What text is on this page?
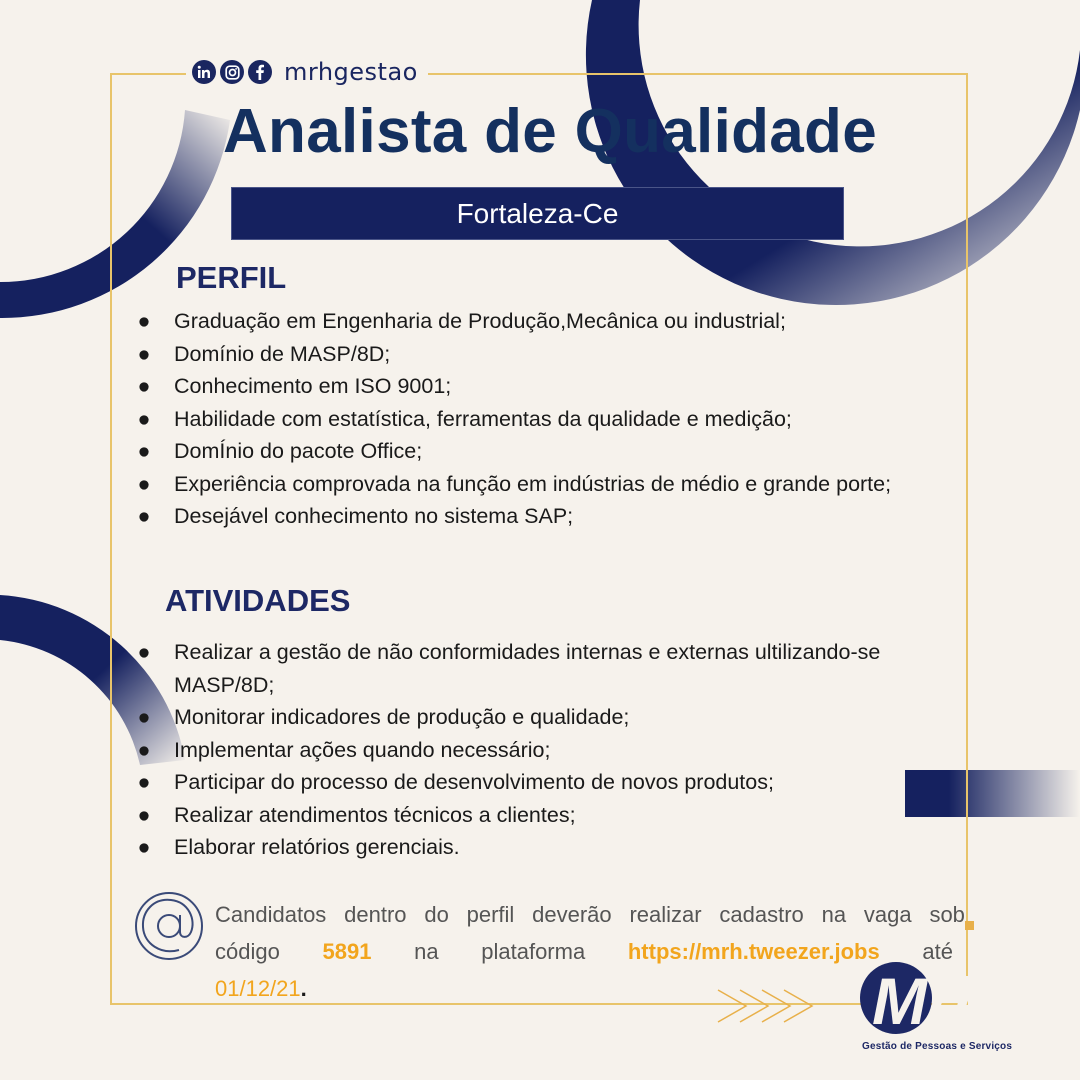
mrhgestao
Analista de Qualidade
Fortaleza-Ce
PERFIL
● Graduação em Engenharia de Produção,Mecânica ou industrial;
● Domínio de MASP/8D;
● Conhecimento em ISO 9001;
● Habilidade com estatística, ferramentas da qualidade e medição;
● DomÍnio do pacote Office;
● Experiência comprovada na função em indústrias de médio e grande porte;
● Desejável conhecimento no sistema SAP;
ATIVIDADES
● Realizar a gestão de não conformidades internas e externas ultilizando-se MASP/8D;
● Monitorar indicadores de produção e qualidade;
● Implementar ações quando necessário;
● Participar do processo de desenvolvimento de novos produtos;
● Realizar atendimentos técnicos a clientes;
● Elaborar relatórios gerenciais.
Candidatos dentro do perfil deverão realizar cadastro na vaga sob
código 5891 na plataforma https://mrh.tweezer.jobs até
01/12/21.	Mrh
Gestão de Pessoas e Serviços
